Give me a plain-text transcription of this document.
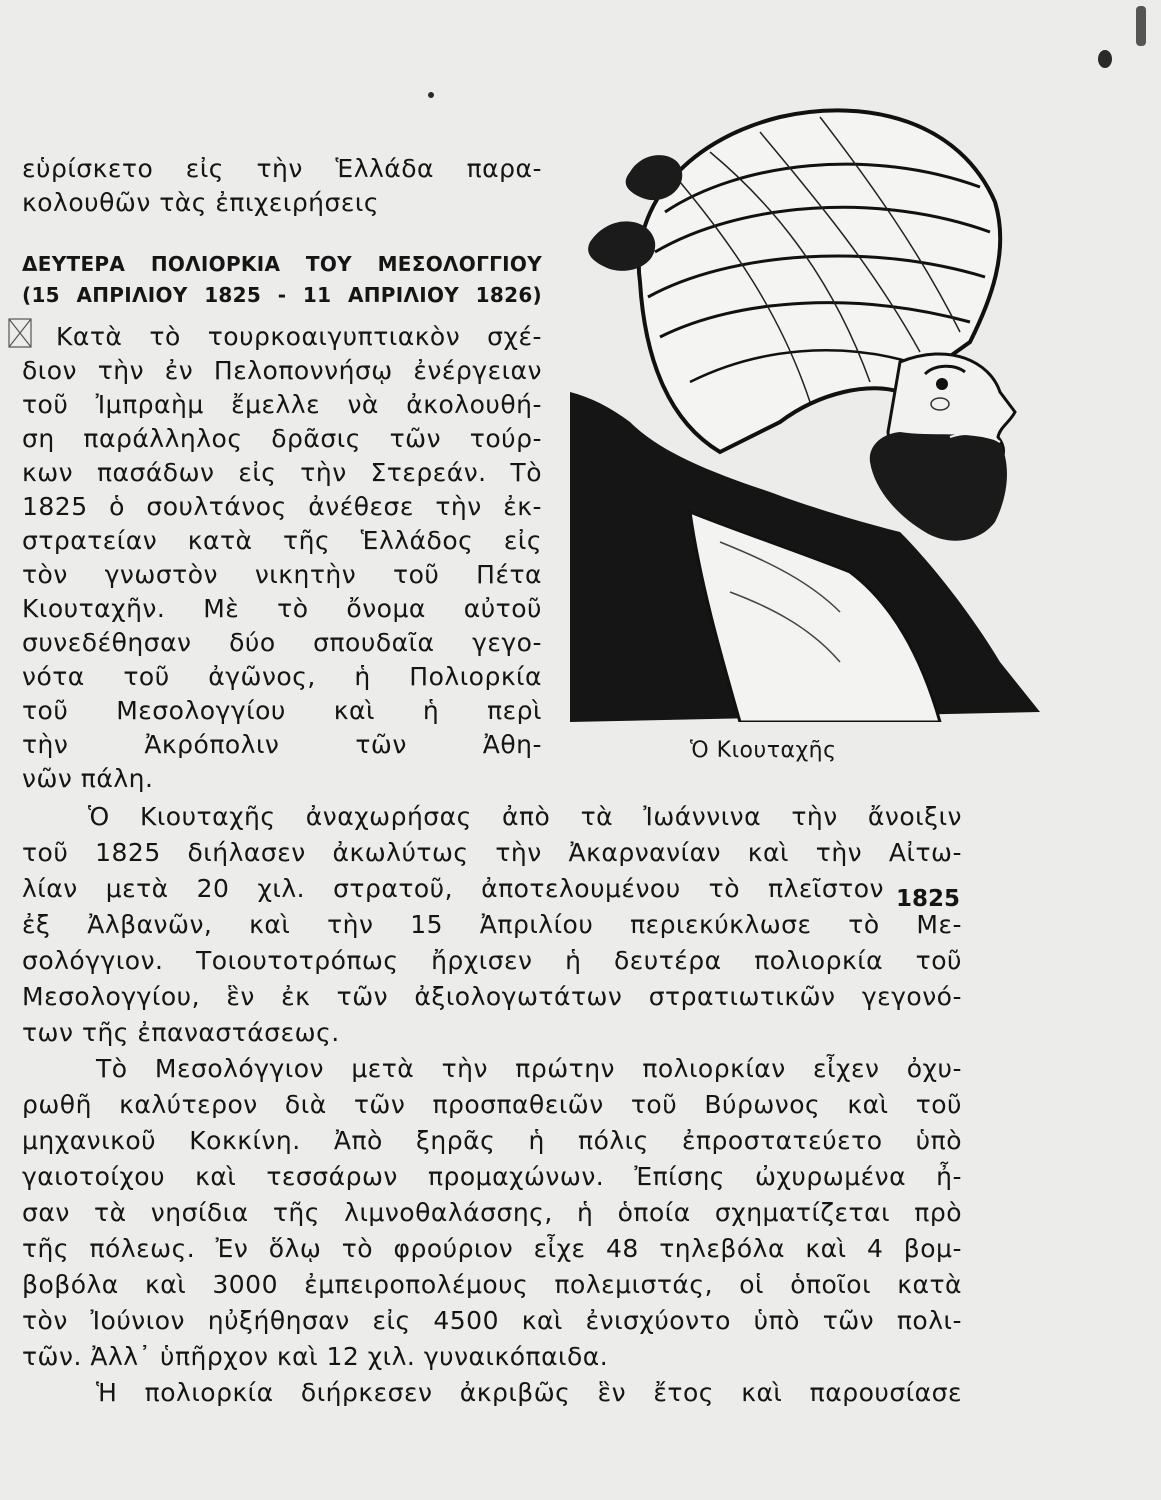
εὑρίσκετο εἰς τὴν Ἑλλάδα παρα-
κολουθῶν τὰς ἐπιχειρήσεις
ΔΕΥΤΕΡΑ ΠΟΛΙΟΡΚΙΑ ΤΟΥ ΜΕΣΟΛΟΓΓΙΟΥ
(15 ΑΠΡΙΛΙΟΥ 1825 - 11 ΑΠΡΙΛΙΟΥ 1826)
Κατὰ τὸ τουρκοαιγυπτιακὸν σχέ-
διον τὴν ἐν Πελοποννήσῳ ἐνέργειαν
τοῦ Ἰμπραὴμ ἔμελλε νὰ ἀκολουθή-
ση παράλληλος δρᾶσις τῶν τούρ-
κων πασάδων εἰς τὴν Στερεάν. Τὸ
1825 ὁ σουλτάνος ἀνέθεσε τὴν ἐκ-
στρατείαν κατὰ τῆς Ἑλλάδος εἰς
τὸν γνωστὸν νικητὴν τοῦ Πέτα
Κιουταχῆν. Μὲ τὸ ὄνομα αὐτοῦ
συνεδέθησαν δύο σπουδαῖα γεγο-
νότα τοῦ ἀγῶνος, ἡ Πολιορκία
τοῦ Μεσολογγίου καὶ ἡ περὶ
τὴν Ἀκρόπολιν τῶν Ἀθη-
νῶν πάλη.
Ὁ Κιουταχῆς
1825
Ὁ Κιουταχῆς ἀναχωρήσας ἀπὸ τὰ Ἰωάννινα τὴν ἄνοιξιν
τοῦ 1825 διήλασεν ἀκωλύτως τὴν Ἀκαρνανίαν καὶ τὴν Αἰτω-
λίαν μετὰ 20 χιλ. στρατοῦ, ἀποτελουμένου τὸ πλεῖστον
ἐξ Ἀλβανῶν, καὶ τὴν 15 Ἀπριλίου περιεκύκλωσε τὸ Με-
σολόγγιον. Τοιουτοτρόπως ἤρχισεν ἡ δευτέρα πολιορκία τοῦ
Μεσολογγίου, ἓν ἐκ τῶν ἀξιολογωτάτων στρατιωτικῶν γεγονό-
των τῆς ἐπαναστάσεως.
Τὸ Μεσολόγγιον μετὰ τὴν πρώτην πολιορκίαν εἶχεν ὀχυ-
ρωθῆ καλύτερον διὰ τῶν προσπαθειῶν τοῦ Βύρωνος καὶ τοῦ
μηχανικοῦ Κοκκίνη. Ἀπὸ ξηρᾶς ἡ πόλις ἐπροστατεύετο ὑπὸ
γαιοτοίχου καὶ τεσσάρων προμαχώνων. Ἐπίσης ὠχυρωμένα ἦ-
σαν τὰ νησίδια τῆς λιμνοθαλάσσης, ἡ ὁποία σχηματίζεται πρὸ
τῆς πόλεως. Ἐν ὅλῳ τὸ φρούριον εἶχε 48 τηλεβόλα καὶ 4 βομ-
βοβόλα καὶ 3000 ἐμπειροπολέμους πολεμιστάς, οἱ ὁποῖοι κατὰ
τὸν Ἰούνιον ηὐξήθησαν εἰς 4500 καὶ ἐνισχύοντο ὑπὸ τῶν πολι-
τῶν. Ἀλλ᾽ ὑπῆρχον καὶ 12 χιλ. γυναικόπαιδα.
Ἡ πολιορκία διήρκεσεν ἀκριβῶς ἓν ἔτος καὶ παρουσίασε
